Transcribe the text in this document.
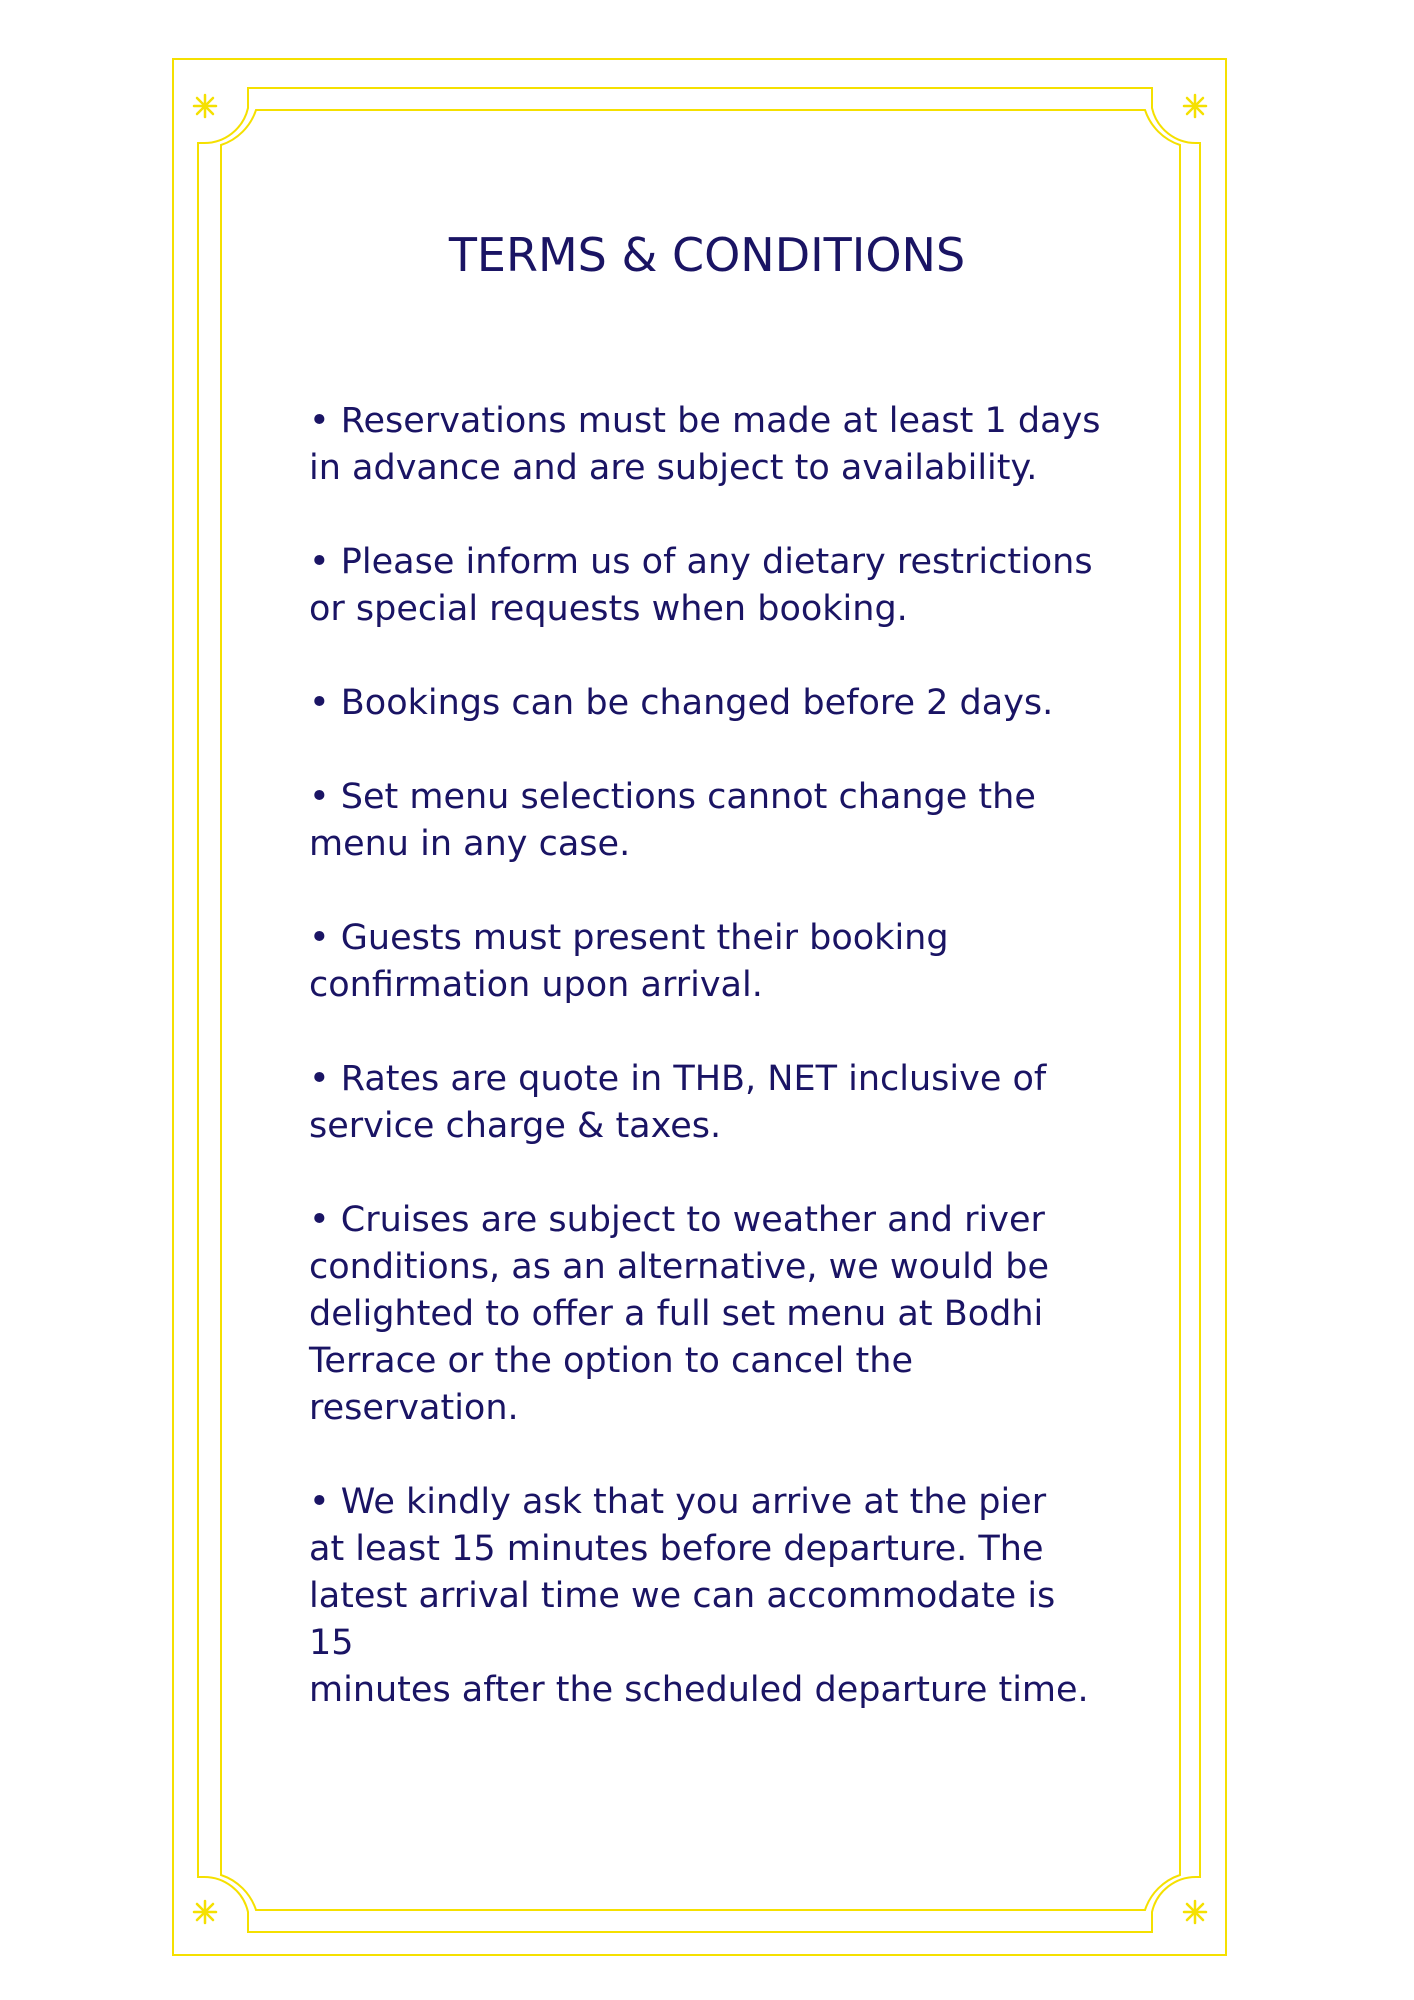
TERMS & CONDITIONS
• Reservations must be made at least 1 days
in advance and are subject to availability.
• Please inform us of any dietary restrictions
or special requests when booking.
• Bookings can be changed before 2 days.
• Set menu selections cannot change the
menu in any case.
• Guests must present their booking
confirmation upon arrival.
• Rates are quote in THB, NET inclusive of
service charge & taxes.
• Cruises are subject to weather and river
conditions, as an alternative, we would be
delighted to offer a full set menu at Bodhi
Terrace or the option to cancel the
reservation.
• We kindly ask that you arrive at the pier
at least 15 minutes before departure. The
latest arrival time we can accommodate is 15
minutes after the scheduled departure time.
